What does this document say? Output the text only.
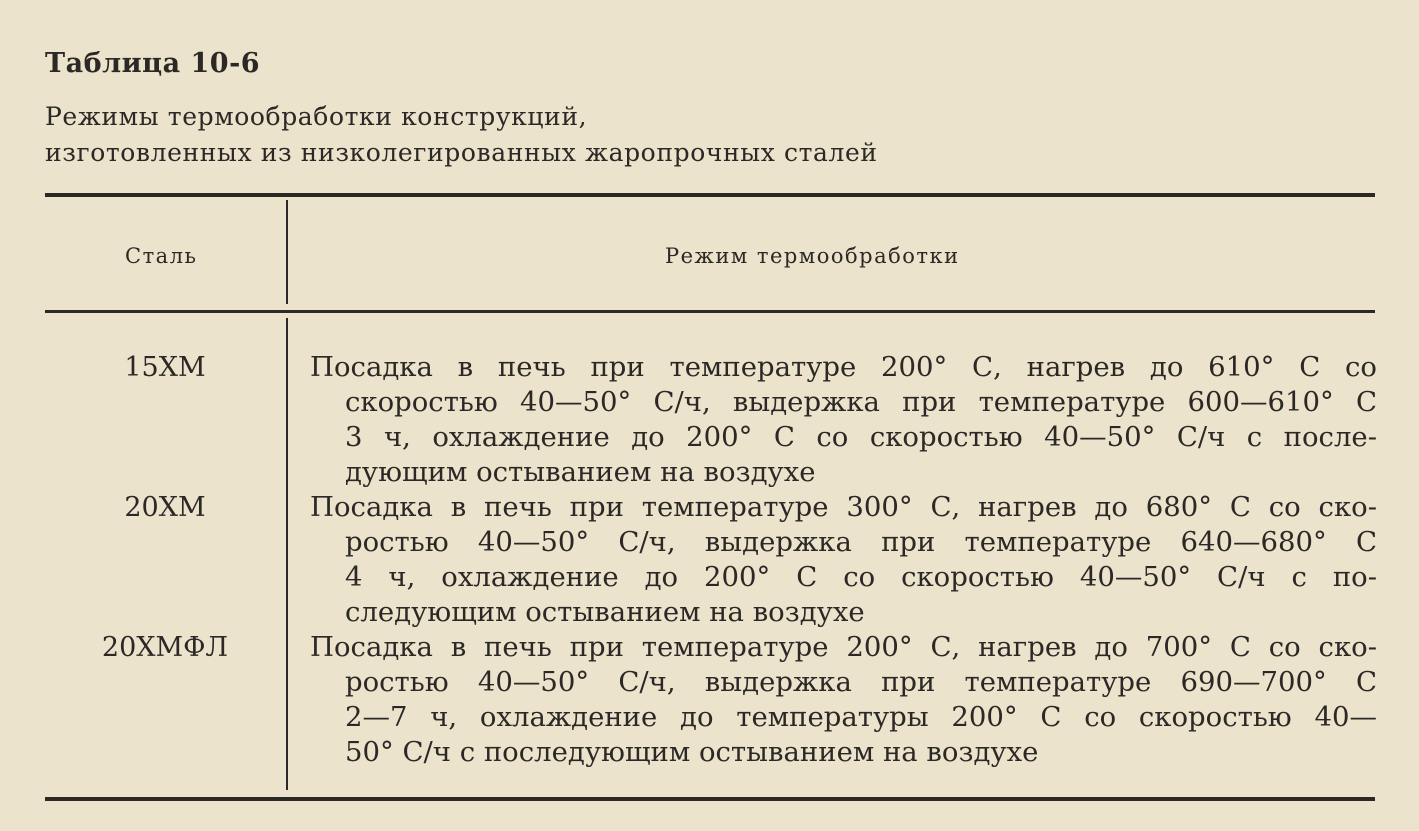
Таблица 10-6
Режимы термообработки конструкций,
изготовленных из низколегированных жаропрочных сталей
Сталь	Режим термообработки
15ХМ	Посадка в печь при температуре 200° С, нагрев до 610° С со
скоростью 40—50° С/ч, выдержка при температуре 600—610° С
3 ч, охлаждение до 200° С со скоростью 40—50° С/ч с после-
дующим остыванием на воздухе
20ХМ	Посадка в печь при температуре 300° С, нагрев до 680° С со ско-
ростью 40—50° С/ч, выдержка при температуре 640—680° С
4 ч, охлаждение до 200° С со скоростью 40—50° С/ч с по-
следующим остыванием на воздухе
20ХМФЛ	Посадка в печь при температуре 200° С, нагрев до 700° С со ско-
ростью 40—50° С/ч, выдержка при температуре 690—700° С
2—7 ч, охлаждение до температуры 200° С со скоростью 40—
50° С/ч с последующим остыванием на воздухе
